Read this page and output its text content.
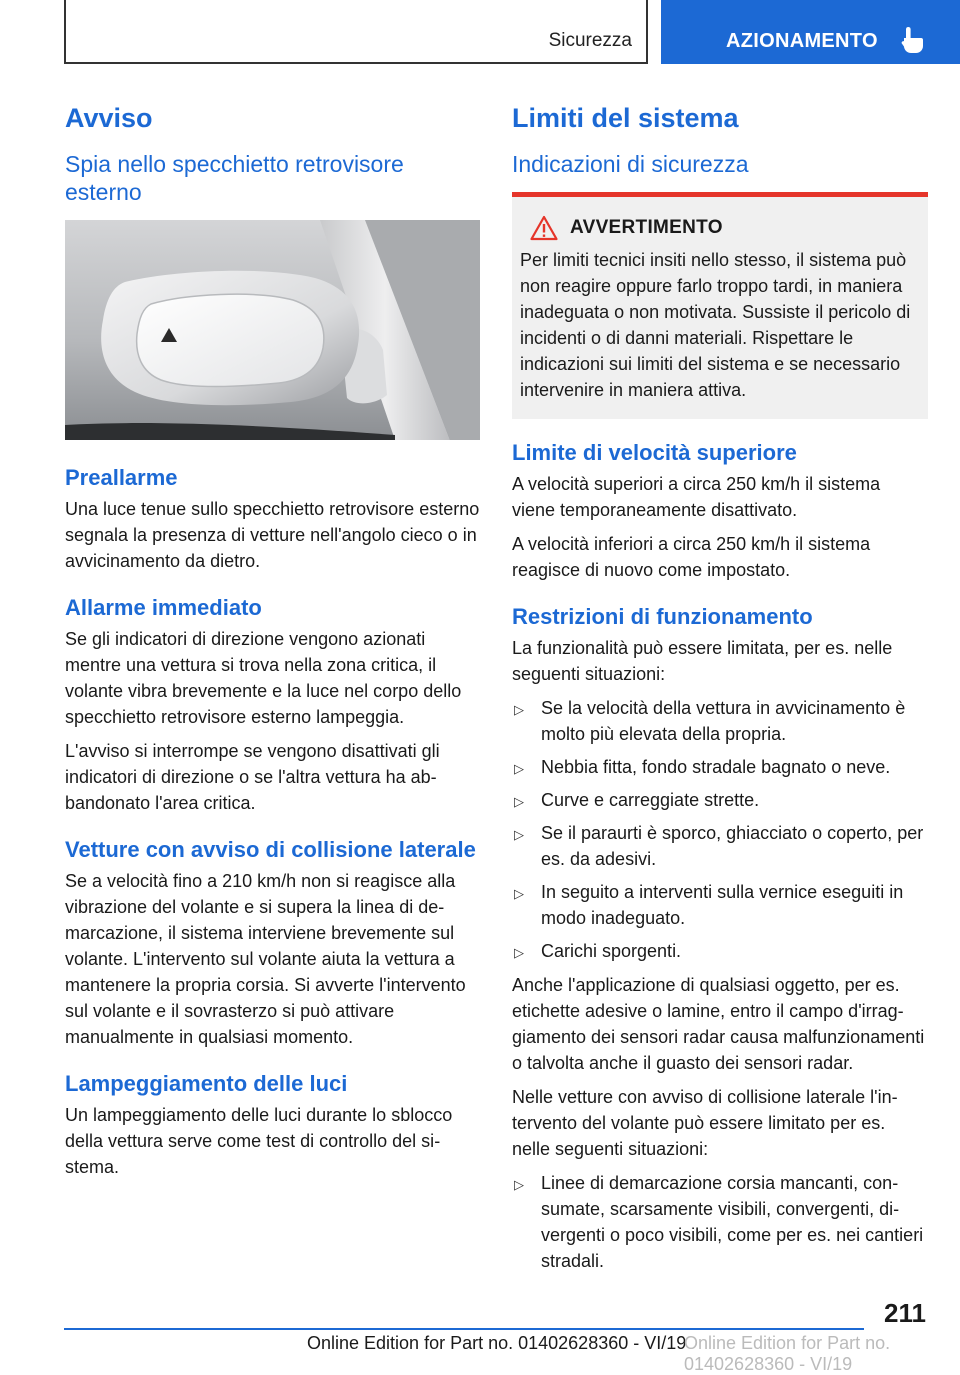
Sicurezza	AZIONAMENTO
Avviso
Spia nello specchietto retrovisore esterno
Preallarme

Una luce tenue sullo specchietto retrovisore esterno segnala la presenza di vetture nell'angolo cieco o in avvicinamento da dietro.

Allarme immediato

Se gli indicatori di direzione vengono azionati mentre una vettura si trova nella zona critica, il volante vibra brevemente e la luce nel corpo dello specchietto retrovisore esterno lampeggia.

L'avviso si interrompe se vengono disattivati gli indicatori di direzione o se l'altra vettura ha abbandonato l'area critica.

Vetture con avviso di collisione laterale

Se a velocità fino a 210 km/h non si reagisce alla vibrazione del volante e si supera la linea di demarcazione, il sistema interviene brevemente sul volante. L'intervento sul volante aiuta la vettura a mantenere la propria corsia. Si avverte l'intervento sul volante e il sovrasterzo si può attivare manualmente in qualsiasi momento.

Lampeggiamento delle luci

Un lampeggiamento delle luci durante lo sblocco della vettura serve come test di controllo del sistema.

Limiti del sistema
Indicazioni di sicurezza
AVVERTIMENTO

Per limiti tecnici insiti nello stesso, il sistema può non reagire oppure farlo troppo tardi, in maniera inadeguata o non motivata. Sussiste il pericolo di incidenti o di danni materiali. Rispettare le indicazioni sui limiti del sistema e se necessario intervenire in maniera attiva.

Limite di velocità superiore

A velocità superiori a circa 250 km/h il sistema viene temporaneamente disattivato.

A velocità inferiori a circa 250 km/h il sistema reagisce di nuovo come impostato.

Restrizioni di funzionamento

La funzionalità può essere limitata, per es. nelle seguenti situazioni:

▷ Se la velocità della vettura in avvicinamento è molto più elevata della propria.
▷ Nebbia fitta, fondo stradale bagnato o neve.
▷ Curve e carreggiate strette.
▷ Se il paraurti è sporco, ghiacciato o coperto, per es. da adesivi.
▷ In seguito a interventi sulla vernice eseguiti in modo inadeguato.
▷ Carichi sporgenti.

Anche l'applicazione di qualsiasi oggetto, per es. etichette adesive o lamine, entro il campo d'irraggiamento dei sensori radar causa malfunzionamenti o talvolta anche il guasto dei sensori radar.

Nelle vetture con avviso di collisione laterale l'intervento del volante può essere limitato per es. nelle seguenti situazioni:

▷ Linee di demarcazione corsia mancanti, consumate, scarsamente visibili, convergenti, divergenti o poco visibili, come per es. nei cantieri stradali.
211
Online Edition for Part no. 01402628360 - VI/19
Online Edition for Part no. 01402628360 - VI/19
